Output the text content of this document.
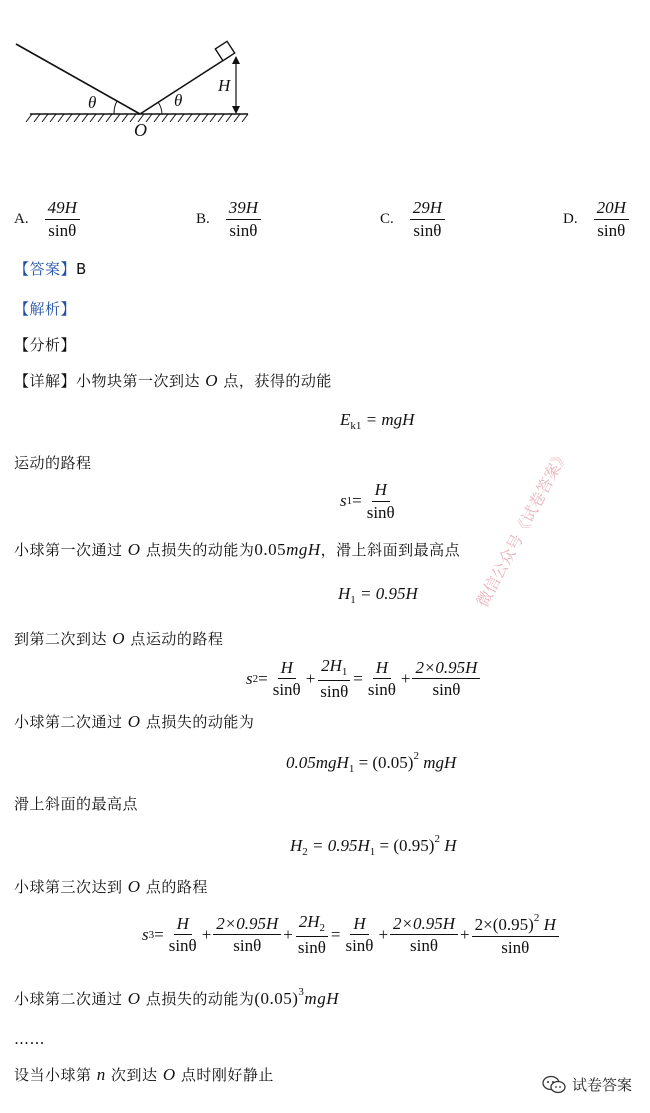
θ	θ
H
O
A. $\frac{49H}{\sin\theta}$	B. $\frac{39H}{\sin\theta}$	C. $\frac{29H}{\sin\theta}$	D. $\frac{20H}{\sin\theta}$
【答案】B
【解析】
【分析】
【详解】小物块第一次到达 O 点，获得的动能
$E_{k1}$ = mgH
运动的路程
s $1 = \frac{H}{\sin\theta}$
小球第一次通过 O 点损失的动能为0.05mgH，滑上斜面到最高点
$H_1 = 0.95H$
到第二次到达 O 点运动的路程
s $2 = \frac{H}{\sin\theta} + \frac{2H_1}{\sin\theta} = \frac{H}{\sin\theta} + \frac{2\times 0.95H}{\sin\theta}$
小球第二次通过 O 点损失的动能为
$0.05mgH_1 = (0.05)^2$ mgH
滑上斜面的最高点
$H_2 = 0.95H_1 = (0.95)^2$ H
小球第三次达到 O 点的路程
s $3 = \frac{H}{\sin\theta} + \frac{2\times 0.95H}{\sin\theta} + \frac{2H_2}{\sin\theta} = \frac{H}{\sin\theta} + \frac{2\times 0.95H}{\sin\theta} + \frac{2\times(0.95)^2 H}{\sin\theta}$
小球第二次通过 O 点损失的动能为$(0.05)^3mgH$
……
设当小球第 n 次到达 O 点时刚好静止
微信公众号《试卷答案》
试卷答案
